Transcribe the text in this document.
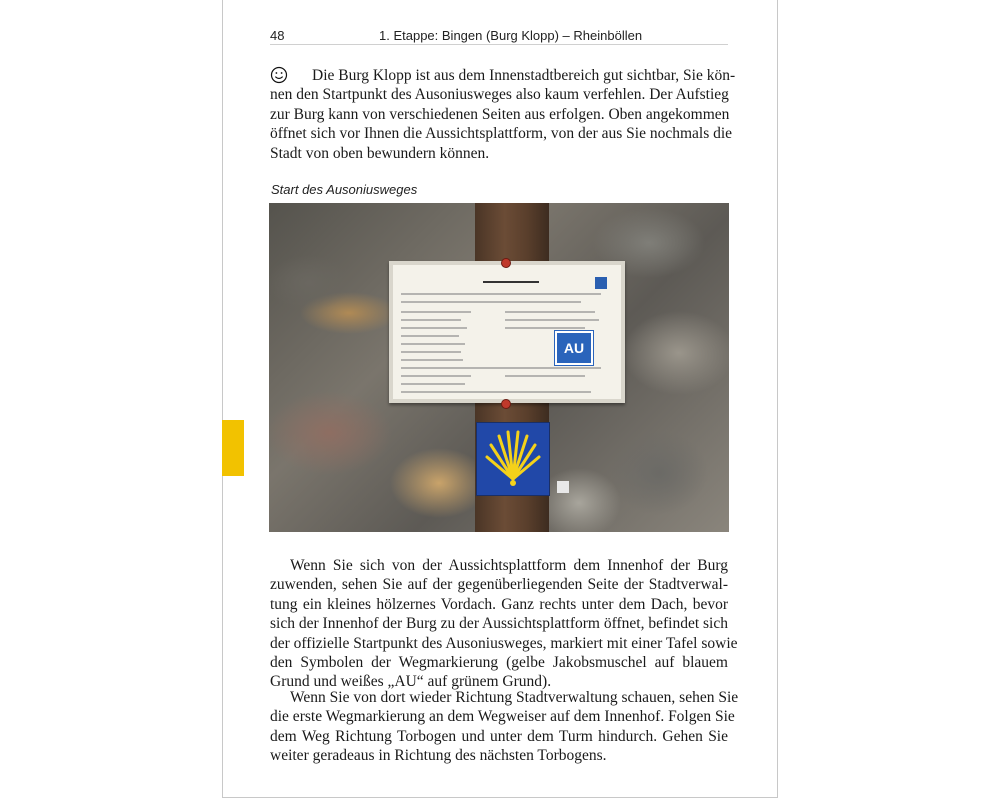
48	1. Etappe: Bingen (Burg Klopp) – Rheinböllen
Die Burg Klopp ist aus dem Innenstadtbereich gut sichtbar, Sie kön-
nen den Startpunkt des Ausoniusweges also kaum verfehlen. Der Aufstieg
zur Burg kann von verschiedenen Seiten aus erfolgen. Oben angekommen
öffnet sich vor Ihnen die Aussichtsplattform, von der aus Sie nochmals die
Stadt von oben bewundern können.
Start des Ausoniusweges
AU
Wenn Sie sich von der Aussichtsplattform dem Innenhof der Burg
zuwenden, sehen Sie auf der gegenüberliegenden Seite der Stadtverwal-
tung ein kleines hölzernes Vordach. Ganz rechts unter dem Dach, bevor
sich der Innenhof der Burg zu der Aussichtsplattform öffnet, befindet sich
der offizielle Startpunkt des Ausoniusweges, markiert mit einer Tafel sowie
den Symbolen der Wegmarkierung (gelbe Jakobsmuschel auf blauem
Grund und weißes „AU“ auf grünem Grund).
Wenn Sie von dort wieder Richtung Stadtverwaltung schauen, sehen Sie
die erste Wegmarkierung an dem Wegweiser auf dem Innenhof. Folgen Sie
dem Weg Richtung Torbogen und unter dem Turm hindurch. Gehen Sie
weiter geradeaus in Richtung des nächsten Torbogens.
